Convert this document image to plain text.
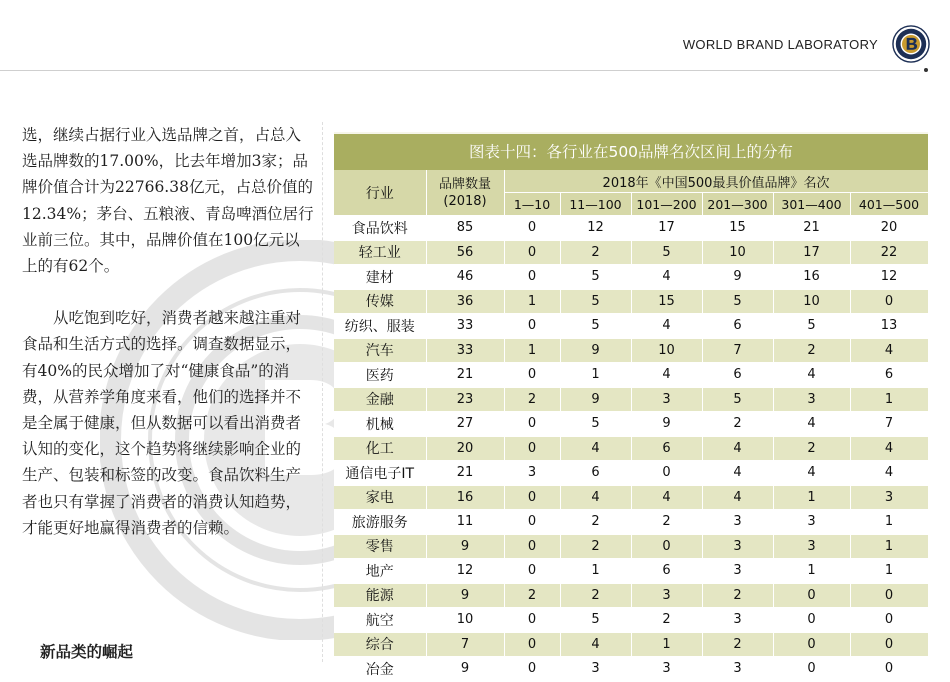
WORLD BRAND LABORATORY

选，继续占据行业入选品牌之首，占总入选品牌数的17.00%，比去年增加3家；品牌价值合计为22766.38亿元，占总价值的12.34%；茅台、五粮液、青岛啤酒位居行业前三位。其中，品牌价值在100亿元以上的有62个。

从吃饱到吃好，消费者越来越注重对食品和生活方式的选择。调查数据显示，有40%的民众增加了对“健康食品”的消费，从营养学角度来看，他们的选择并不是全属于健康，但从数据可以看出消费者认知的变化，这个趋势将继续影响企业的生产、包装和标签的改变。食品饮料生产者也只有掌握了消费者的消费认知趋势，才能更好地赢得消费者的信赖。

新品类的崛起
图表十四：各行业在500品牌名次区间上的分布
行业	品牌数量
(2018)	2018年《中国500最具价值品牌》名次					
		1—10	11—100	101—200	201—300	301—400	401—500
食品饮料	85	0	12	17	15	21	20
轻工业	56	0	2	5	10	17	22
建材	46	0	5	4	9	16	12
传媒	36	1	5	15	5	10	0
纺织、服装	33	0	5	4	6	5	13
汽车	33	1	9	10	7	2	4
医药	21	0	1	4	6	4	6
金融	23	2	9	3	5	3	1
机械	27	0	5	9	2	4	7
化工	20	0	4	6	4	2	4
通信电子IT	21	3	6	0	4	4	4
家电	16	0	4	4	4	1	3
旅游服务	11	0	2	2	3	3	1
零售	9	0	2	0	3	3	1
地产	12	0	1	6	3	1	1
能源	9	2	2	3	2	0	0
航空	10	0	5	2	3	0	0
综合	7	0	4	1	2	0	0
冶金	9	0	3	3	3	0	0
